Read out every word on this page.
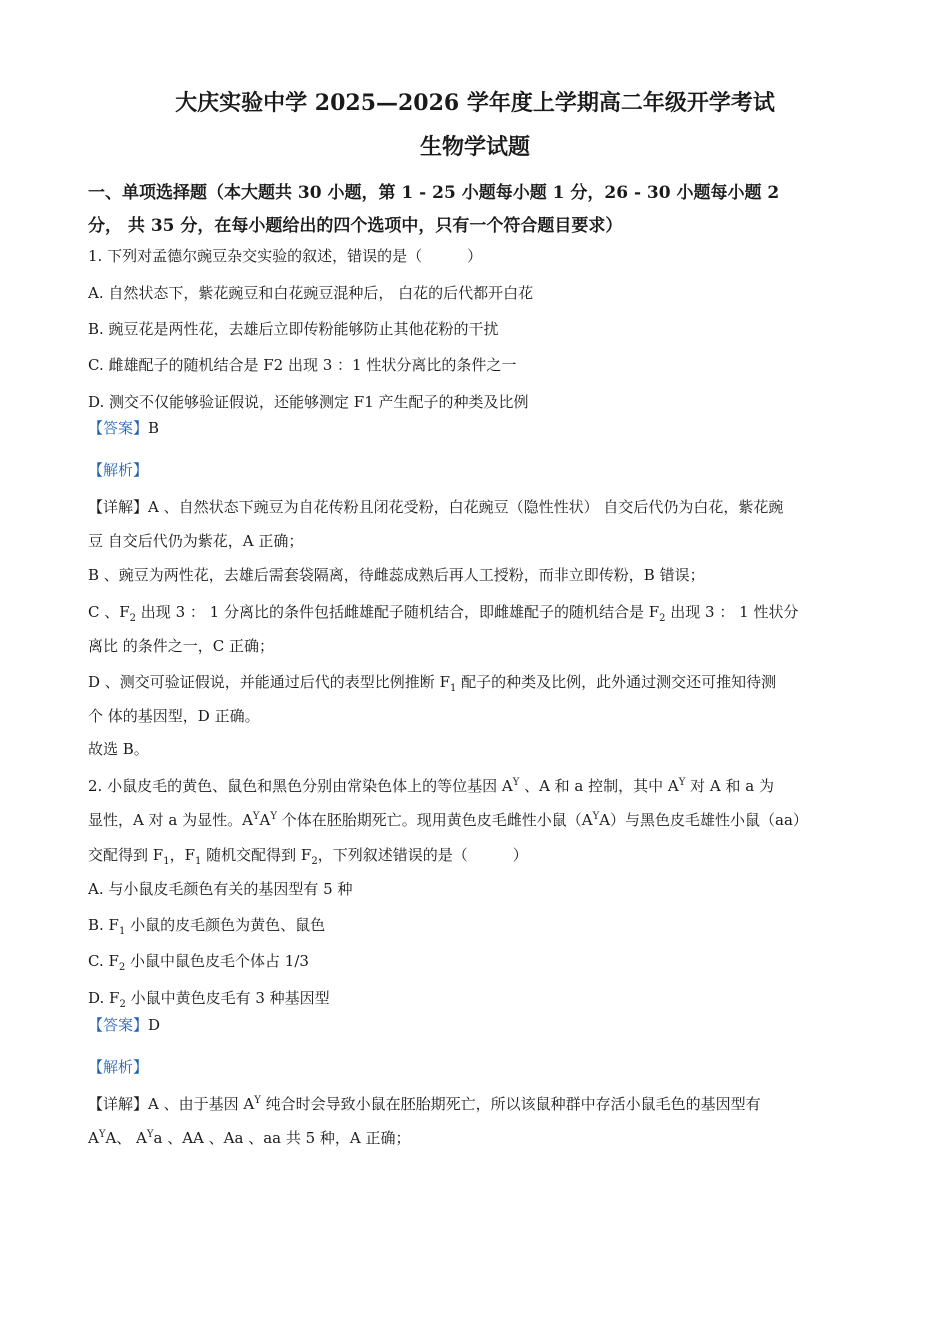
大庆实验中学 2025—2026 学年度上学期高二年级开学考试
生物学试题
一、单项选择题（本大题共 30 小题，第 1 - 25 小题每小题 1 分，26 - 30 小题每小题 2
分， 共 35 分，在每小题给出的四个选项中，只有一个符合题目要求）
1. 下列对孟德尔豌豆杂交实验的叙述，错误的是（　　　）
A. 自然状态下，紫花豌豆和白花豌豆混种后， 白花的后代都开白花
B. 豌豆花是两性花，去雄后立即传粉能够防止其他花粉的干扰
C. 雌雄配子的随机结合是 F2 出现 3 ：1 性状分离比的条件之一
D. 测交不仅能够验证假说，还能够测定 F1 产生配子的种类及比例
【答案】B
【解析】
【详解】A 、自然状态下豌豆为自花传粉且闭花受粉，白花豌豆（隐性性状） 自交后代仍为白花，紫花豌
豆 自交后代仍为紫花，A 正确；
B 、豌豆为两性花，去雄后需套袋隔离，待雌蕊成熟后再人工授粉，而非立即传粉，B 错误；
C 、$F_2$ 出现 3 ： 1 分离比的条件包括雌雄配子随机结合，即雌雄配子的随机结合是 $F_2$ 出现 3 ： 1 性状分
离比 的条件之一，C 正确；
D 、测交可验证假说，并能通过后代的表型比例推断 $F_1$ 配子的种类及比例，此外通过测交还可推知待测
个 体的基因型，D 正确。
故选 B。
2. 小鼠皮毛的黄色、鼠色和黑色分别由常染色体上的等位基因 $A^Y$ 、A 和 a 控制，其中 $A^Y$ 对 A 和 a 为
显性，A 对 a 为显性。$A^YA^Y$ 个体在胚胎期死亡。现用黄色皮毛雌性小鼠$(A^YA)$与黑色皮毛雄性小鼠（aa）
交配得到 $F_1$，$F_1$ 随机交配得到 $F_2$，下列叙述错误的是（　　　）
A. 与小鼠皮毛颜色有关的基因型有 5 种
B. $F_1$ 小鼠的皮毛颜色为黄色、鼠色
C. $F_2$ 小鼠中鼠色皮毛个体占 1/3
D. $F_2$ 小鼠中黄色皮毛有 3 种基因型
【答案】D
【解析】
【详解】A 、由于基因 $A^Y$ 纯合时会导致小鼠在胚胎期死亡，所以该鼠种群中存活小鼠毛色的基因型有
$A^YA$、 $A^Ya$ 、AA 、Aa 、aa 共 5 种，A 正确；
